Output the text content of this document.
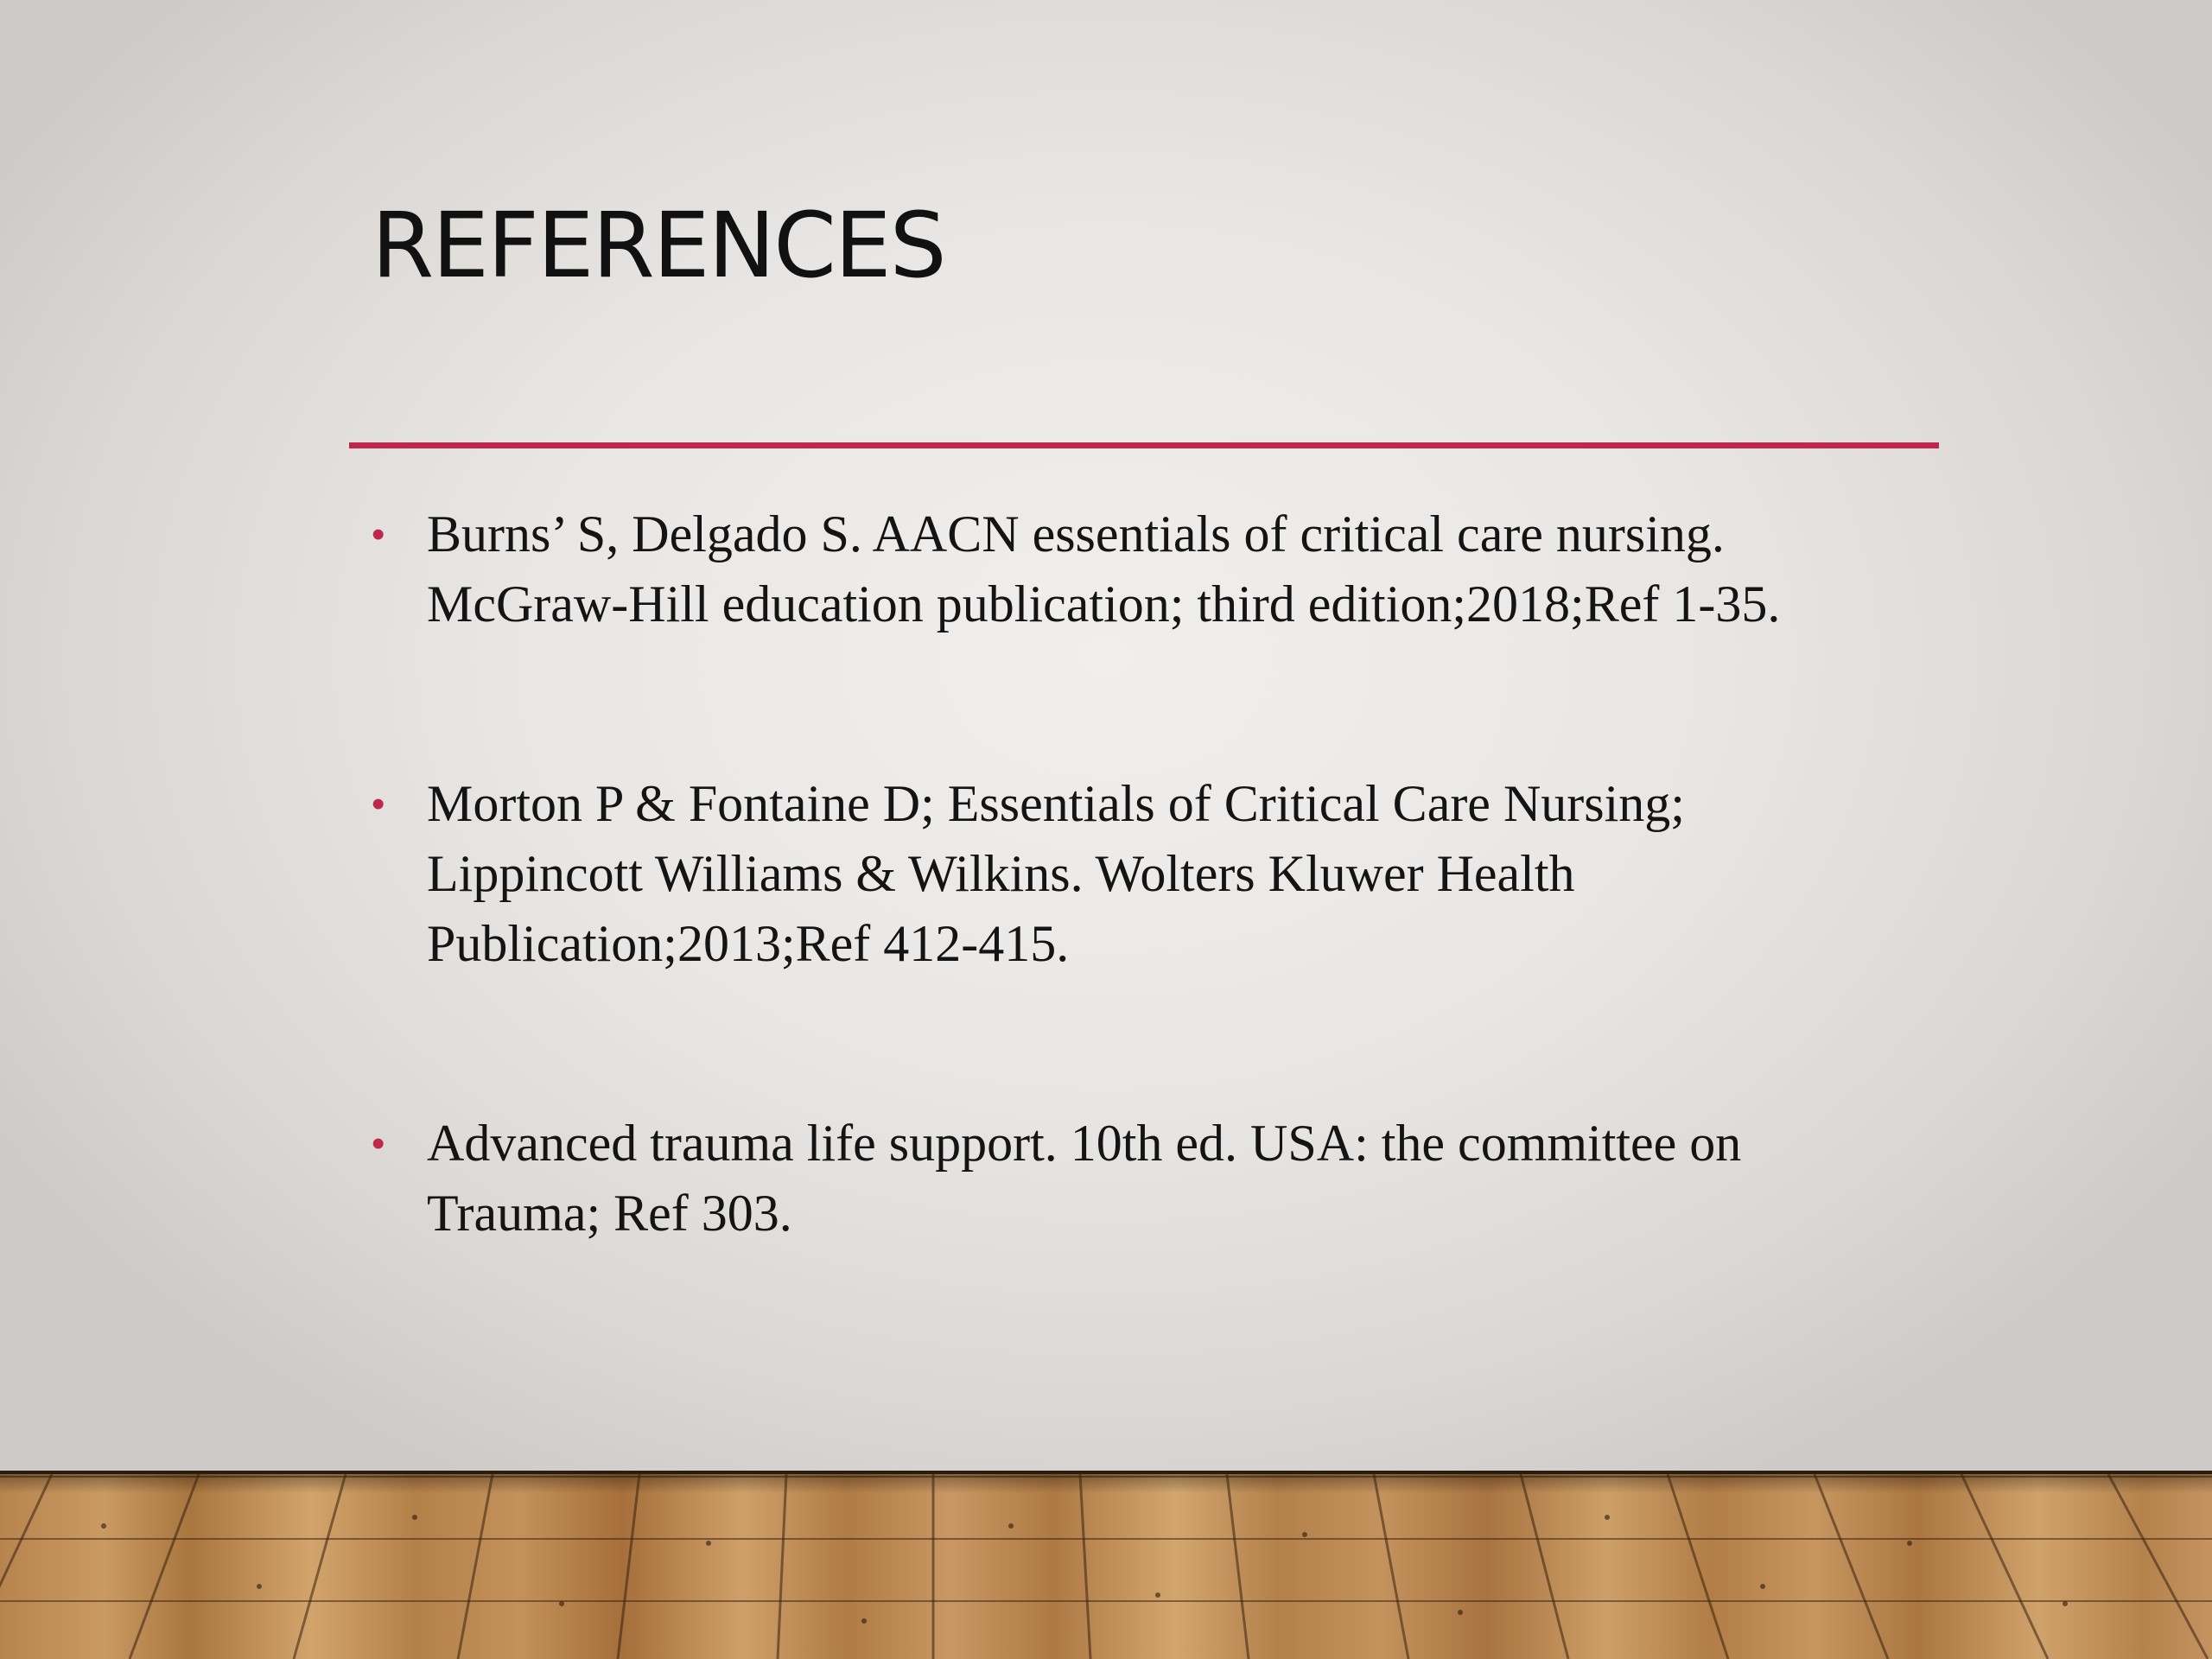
REFERENCES
• Burns’ S, Delgado S. AACN essentials of critical care nursing.
McGraw-Hill education publication; third edition;2018;Ref 1-35.
• Morton P & Fontaine D; Essentials of Critical Care Nursing;
Lippincott Williams & Wilkins. Wolters Kluwer Health
Publication;2013;Ref 412-415.
• Advanced trauma life support. 10th ed. USA: the committee on
Trauma; Ref 303.
